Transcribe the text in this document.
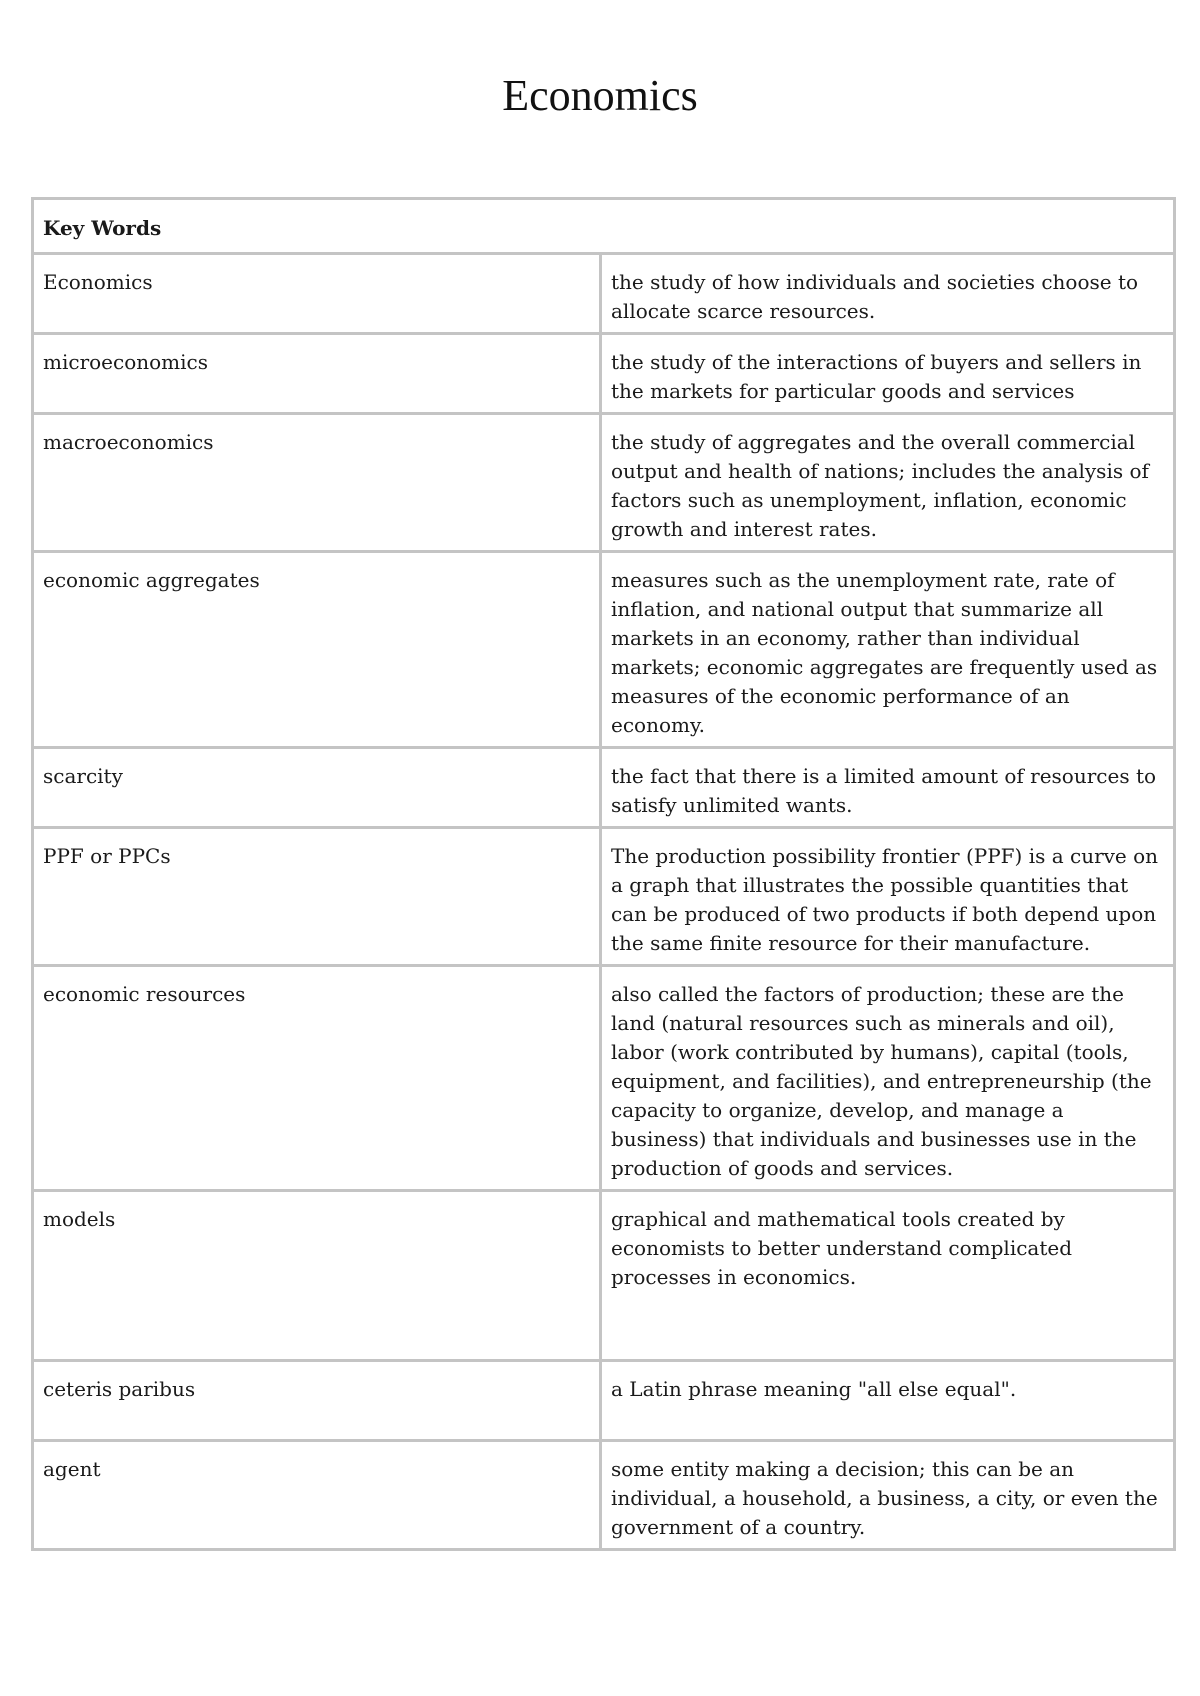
Economics
Key Words	
Economics	the study of how individuals and societies choose to allocate scarce resources.
microeconomics	the study of the interactions of buyers and sellers in the markets for particular goods and services
macroeconomics	the study of aggregates and the overall commercial output and health of nations; includes the analysis of factors such as unemployment, inflation, economic growth and interest rates.
economic aggregates	measures such as the unemployment rate, rate of inflation, and national output that summarize all markets in an economy, rather than individual markets; economic aggregates are frequently used as measures of the economic performance of an economy.
scarcity	the fact that there is a limited amount of resources to satisfy unlimited wants.
PPF or PPCs	The production possibility frontier (PPF) is a curve on a graph that illustrates the possible quantities that can be produced of two products if both depend upon the same finite resource for their manufacture.
economic resources	also called the factors of production; these are the land (natural resources such as minerals and oil), labor (work contributed by humans), capital (tools, equipment, and facilities), and entrepreneurship (the capacity to organize, develop, and manage a business) that individuals and businesses use in the production of goods and services.
models	graphical and mathematical tools created by economists to better understand complicated processes in economics.
ceteris paribus	a Latin phrase meaning "all else equal".
agent	some entity making a decision; this can be an individual, a household, a business, a city, or even the government of a country.
